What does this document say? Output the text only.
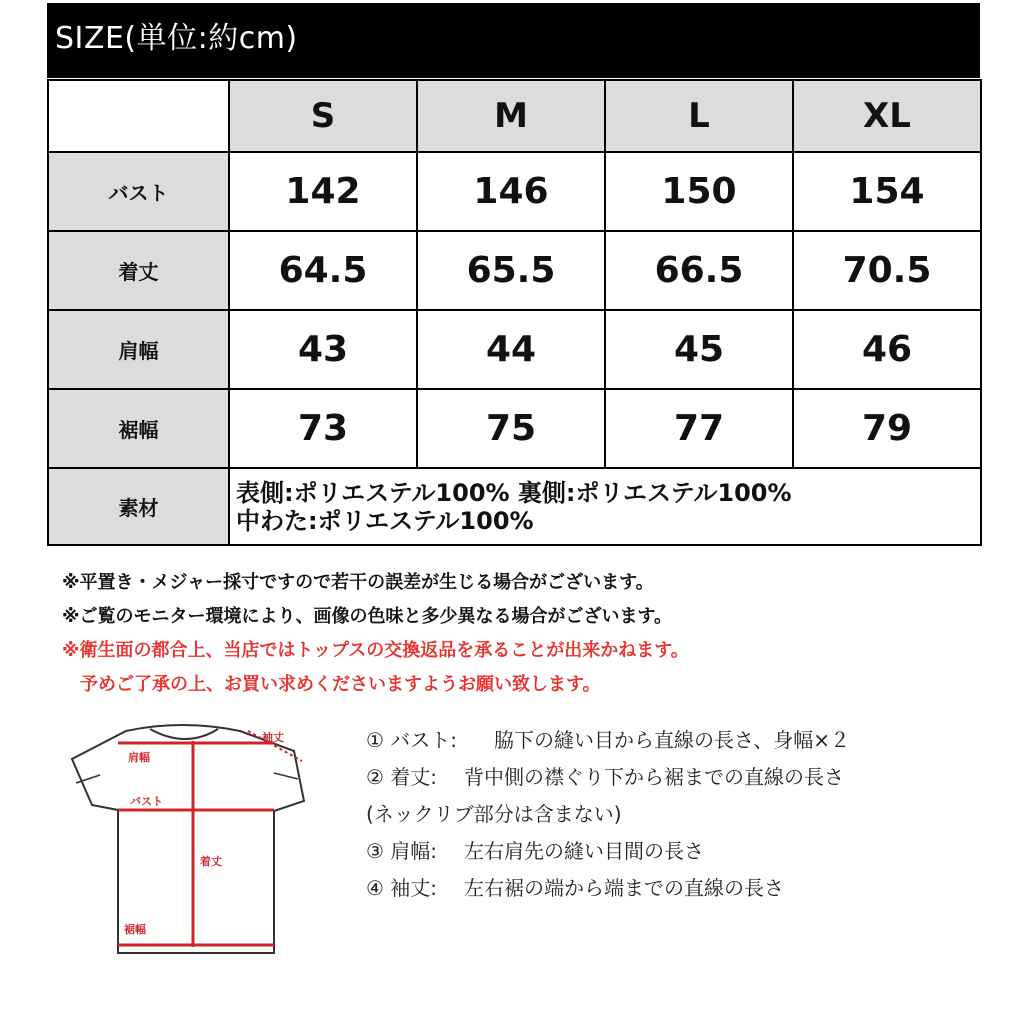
SIZE(単位:約cm)
	S	M	L	XL
バスト	142	146	150	154
着丈	64.5	65.5	66.5	70.5
肩幅	43	44	45	46
裾幅	73	75	77	79
素材	表側:ポリエステル100% 裏側:ポリエステル100%
中わた:ポリエステル100%			
※平置き・メジャー採寸ですので若干の誤差が生じる場合がございます。
※ご覧のモニター環境により、画像の色味と多少異なる場合がございます。
※衛生面の都合上、当店ではトップスの交換返品を承ることが出来かねます。
予めご了承の上、お買い求めくださいますようお願い致します。
袖丈
肩幅
バスト
着丈
裾幅
① バスト: 脇下の縫い目から直線の長さ、身幅×２
② 着丈: 背中側の襟ぐり下から裾までの直線の長さ
(ネックリブ部分は含まない)
③ 肩幅: 左右肩先の縫い目間の長さ
④ 袖丈: 左右裾の端から端までの直線の長さ
